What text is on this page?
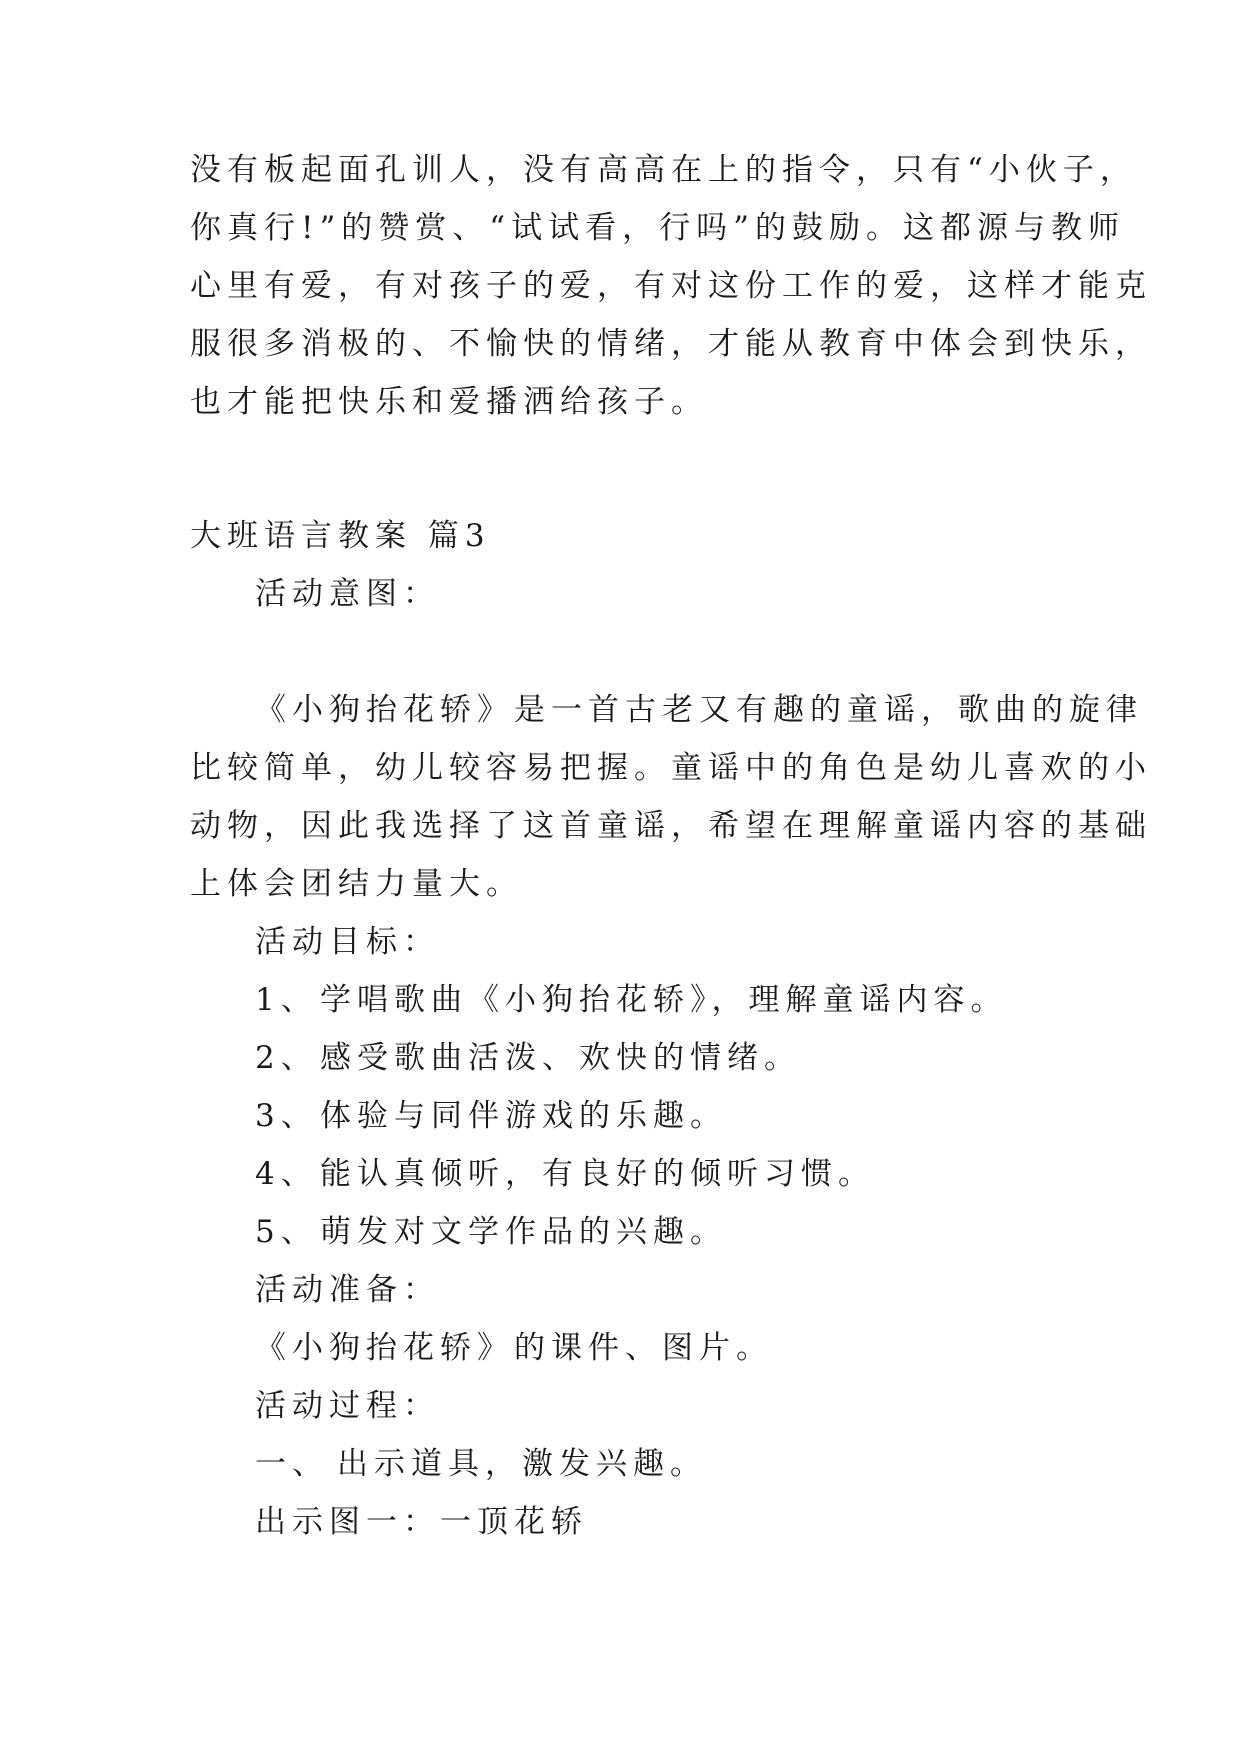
没有板起面孔训人，没有高高在上的指令，只有“小伙子，
你真行!”的赞赏、“试试看，行吗”的鼓励。这都源与教师
心里有爱，有对孩子的爱，有对这份工作的爱，这样才能克
服很多消极的、不愉快的情绪，才能从教育中体会到快乐，
也才能把快乐和爱播洒给孩子。
大班语言教案 篇3
活动意图：
《小狗抬花轿》是一首古老又有趣的童谣，歌曲的旋律
比较简单，幼儿较容易把握。童谣中的角色是幼儿喜欢的小
动物，因此我选择了这首童谣，希望在理解童谣内容的基础
上体会团结力量大。
活动目标：
1、学唱歌曲《小狗抬花轿》，理解童谣内容。
2、感受歌曲活泼、欢快的情绪。
3、体验与同伴游戏的乐趣。
4、能认真倾听，有良好的倾听习惯。
5、萌发对文学作品的兴趣。
活动准备：
《小狗抬花轿》的课件、图片。
活动过程：
一、 出示道具，激发兴趣。
出示图一：一顶花轿
